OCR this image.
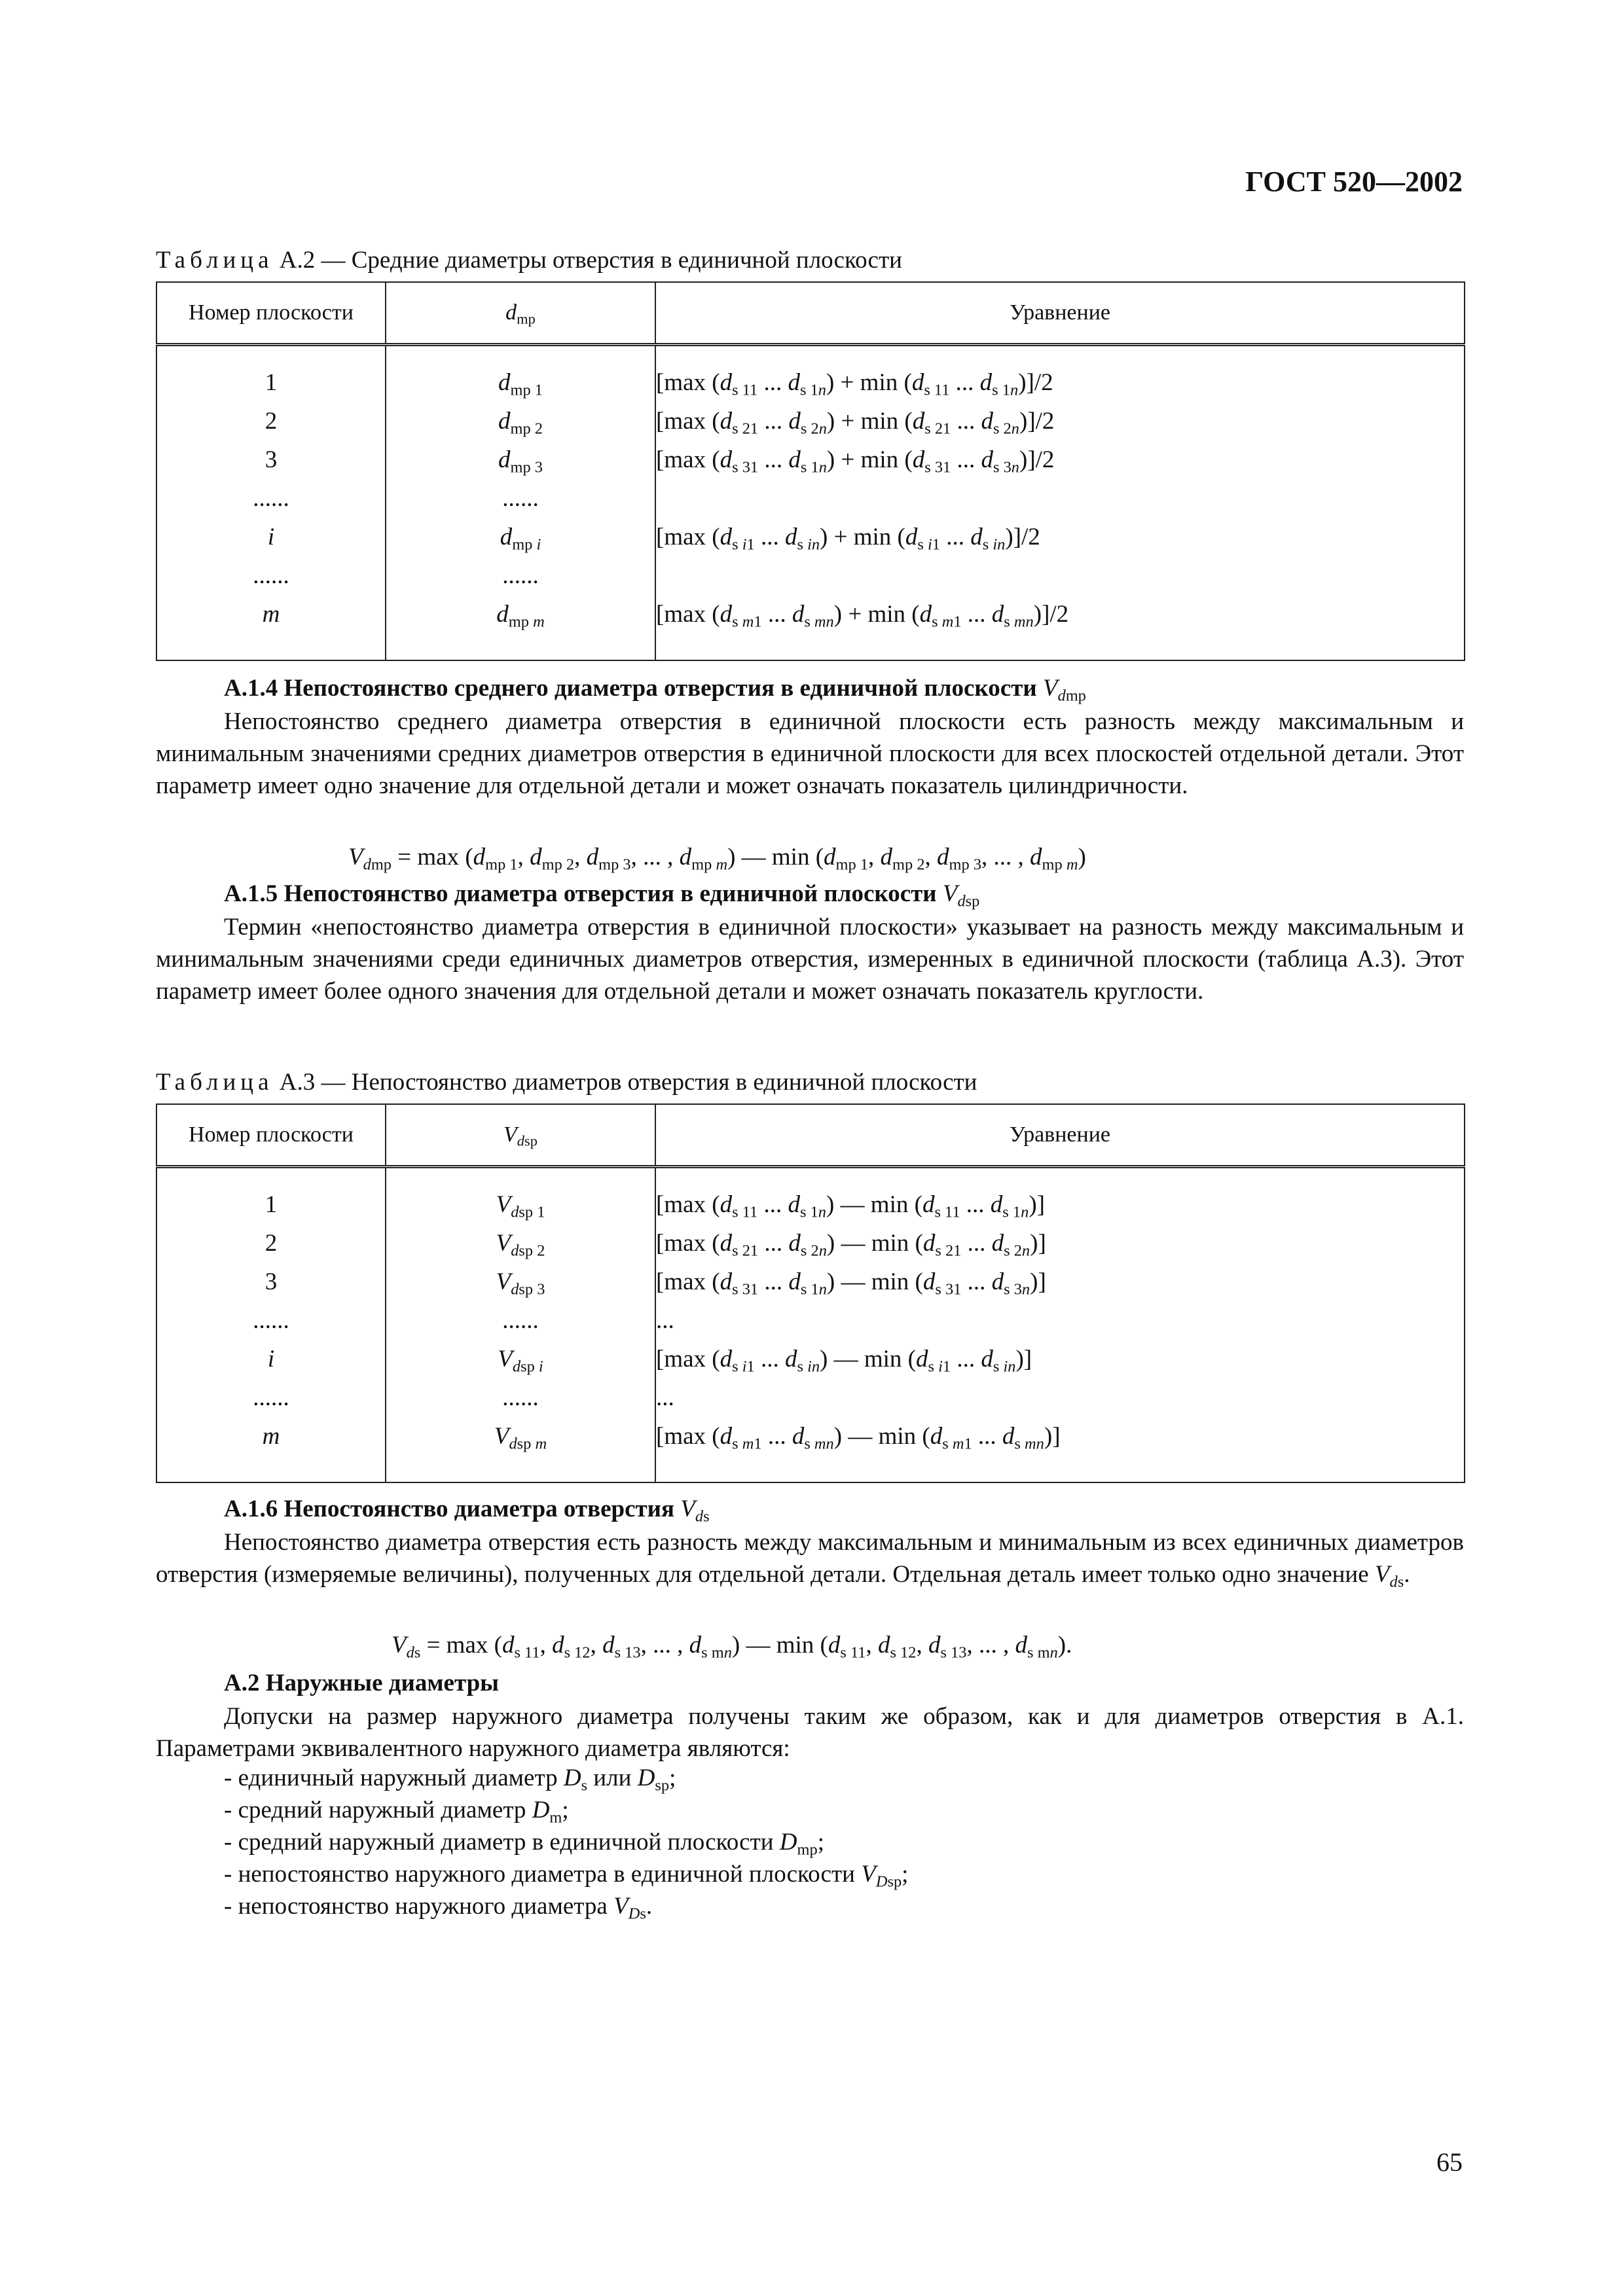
ГОСТ 520—2002
Таблица А.2 — Средние диаметры отверстия в единичной плоскости
Номер плоскости	$d_{mp}$	Уравнение
1	$d_{mp 1}$	[max ($d_{s 11}$ ... $d_{s 1n}) + \min (d_{s 11}$ ... $d_{s 1n})]/2$
2	$d_{mp 2}$	[max ($d_{s 21}$ ... $d_{s 2n}) + \min (d_{s 21}$ ... $d_{s 2n})]/2$
3	$d_{mp 3}$	[max ($d_{s 31}$ ... $d_{s 1n}) + \min (d_{s 31}$ ... $d_{s 3n})]/2$
......	......	
i	$d_{mp i}$	[max ($d_{s i1}$ ... $d_{s in}) + \min (d_{s i1}$ ... $d_{s in})]/2$
......	......	
m	$d_{mp m}$	[max ($d_{s m1}$ ... $d_{s mn}) + \min (d_{s m1}$ ... $d_{s mn})]/2$
А.1.4 Непостоянство среднего диаметра отверстия в единичной плоскости $V_{dmp}$
Непостоянство среднего диаметра отверстия в единичной плоскости есть разность между максимальным и минимальным значениями средних диаметров отверстия в единичной плоскости для всех плоскостей отдельной детали. Этот параметр имеет одно значение для отдельной детали и может означать показатель цилиндричности.
$V_{dmp} = \max (d_{mp 1}$, $d_{mp 2}$, $d_{mp 3}$, ... , $d_{mp m}$) — $\min (d_{mp 1}$, $d_{mp 2}$, $d_{mp 3}$, ... , $d_{mp m}$)
А.1.5 Непостоянство диаметра отверстия в единичной плоскости $V_{dsp}$
Термин «непостоянство диаметра отверстия в единичной плоскости» указывает на разность между максимальным и минимальным значениями среди единичных диаметров отверстия, измеренных в единичной плоскости (таблица А.3). Этот параметр имеет более одного значения для отдельной детали и может означать показатель круглости.
Таблица А.3 — Непостоянство диаметров отверстия в единичной плоскости
Номер плоскости	$V_{dsp}$	Уравнение
1	$V_{dsp 1}$	[max ($d_{s 11}$ ... $d_{s 1n}$) — $\min (d_{s 11}$ ... $d_{s 1n}$)]
2	$V_{dsp 2}$	[max ($d_{s 21}$ ... $d_{s 2n}$) — $\min (d_{s 21}$ ... $d_{s 2n}$)]
3	$V_{dsp 3}$	[max ($d_{s 31}$ ... $d_{s 1n}$) — $\min (d_{s 31}$ ... $d_{s 3n}$)]
......	......	...
i	$V_{dsp i}$	[max ($d_{s i1}$ ... $d_{s in}$) — $\min (d_{s i1}$ ... $d_{s in}$)]
......	......	...
m	$V_{dsp m}$	[max ($d_{s m1}$ ... $d_{s mn}$) — $\min (d_{s m1}$ ... $d_{s mn}$)]
А.1.6 Непостоянство диаметра отверстия $V_{ds}$
Непостоянство диаметра отверстия есть разность между максимальным и минимальным из всех единичных диаметров отверстия (измеряемые величины), полученных для отдельной детали. Отдельная деталь имеет только одно значение $V_{ds}$.
$V_{ds} = \max (d_{s 11}$, $d_{s 12}$, $d_{s 13}$, ... , $d_{s mn}$) — $\min (d_{s 11}$, $d_{s 12}$, $d_{s 13}$, ... , $d_{s mn}$).
А.2 Наружные диаметры
Допуски на размер наружного диаметра получены таким же образом, как и для диаметров отверстия в А.1. Параметрами эквивалентного наружного диаметра являются:
- единичный наружный диаметр $D_s$ или $D_{sp}$;
- средний наружный диаметр $D_m$;
- средний наружный диаметр в единичной плоскости $D_{mp}$;
- непостоянство наружного диаметра в единичной плоскости $V_{Dsp}$;
- непостоянство наружного диаметра $V_{Ds}$.
65
